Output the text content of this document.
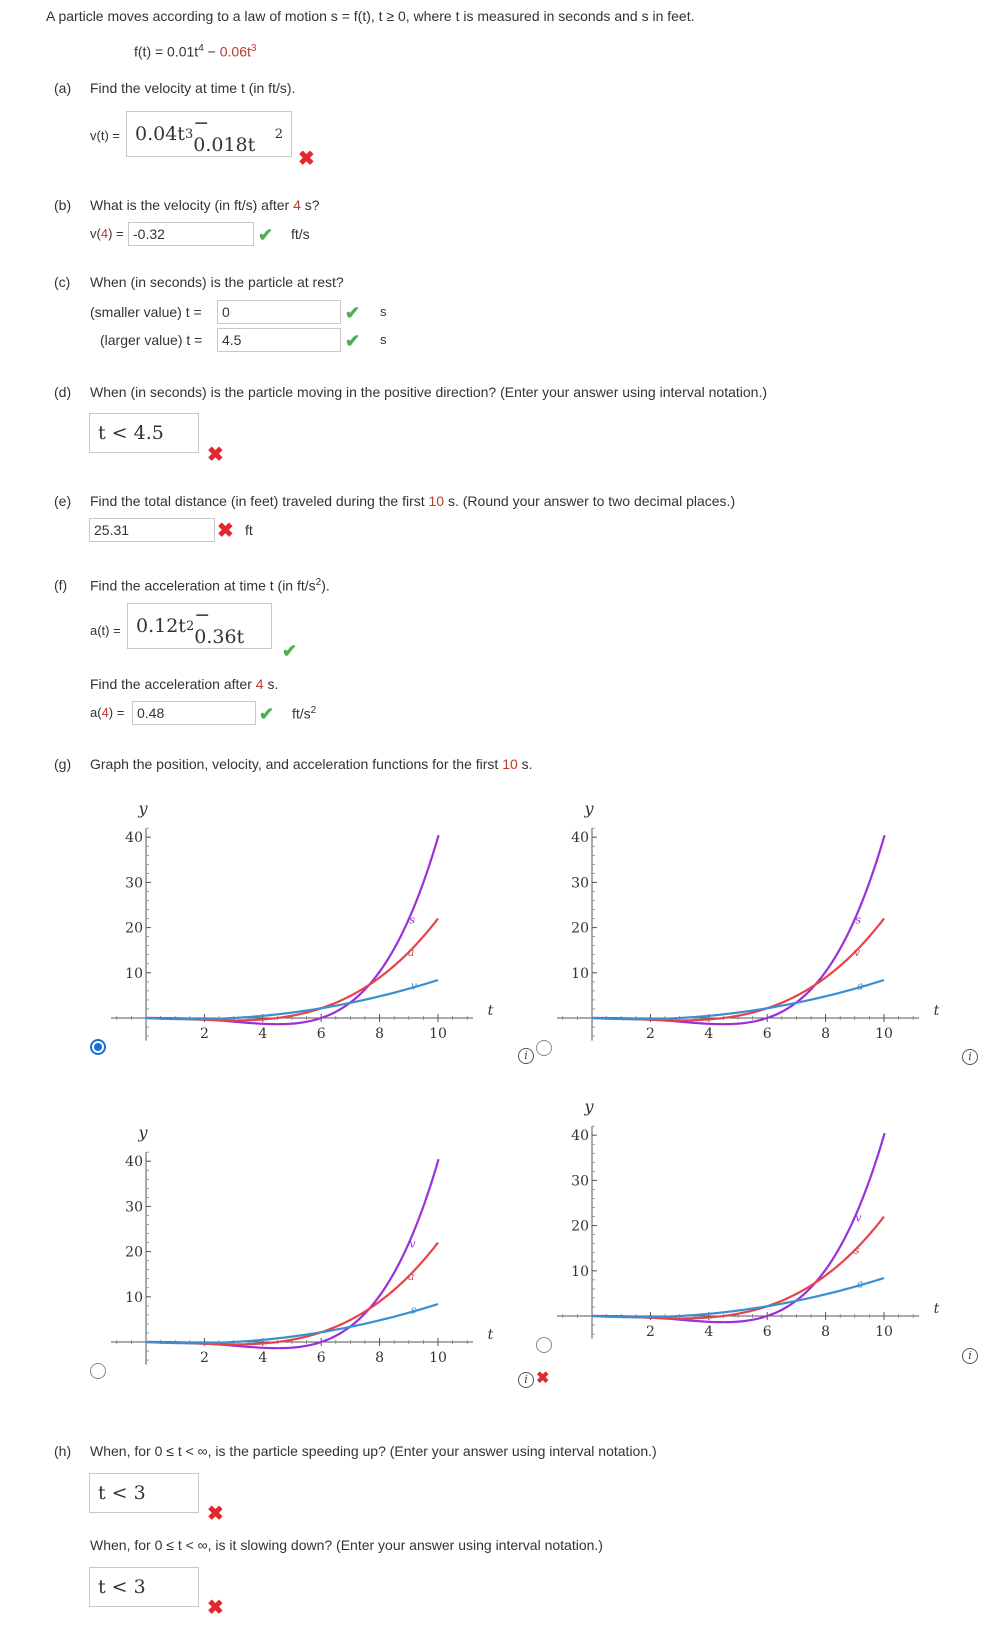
A particle moves according to a law of motion s = f(t), t ≥ 0, where t is measured in seconds and s in feet.
$f(t) = 0.01t^4 - 0.06t^3$
(a) Find the velocity at time t (in ft/s).
v(t) = 0.04t 3 − 0.018t	2
✖
(b) What is the velocity (in ft/s) after 4 s?
v(4) = -0.32	✔ ft/s
(c) When (in seconds) is the particle at rest?
(smaller value) t =	0	✔ s
(larger value) t =	4.5	✔ s
(d) When (in seconds) is the particle moving in the positive direction? (Enter your answer using interval notation.)
t < 4.5
✖
(e) Find the total distance (in feet) traveled during the first 10 s. (Round your answer to two decimal places.)
25.31	✖ ft
(f) Find the acceleration at time t (in $ft/s^2$).
a(t) = 0.12t 2 − 0.36t
✔
Find the acceleration after 4 s.
a(4) = 0.48	✔ $ft/s^2$
(g) Graph the position, velocity, and acceleration functions for the first 10 s.
2	4	6	8	10
10
20
30
40
t
y
s
a
v
2	4	6	8	10
10
20
30
40
t
y
s
v
a
2	4	6	8	10
10
20
30
40
t
y
v
a
s
2	4	6	8	10
10
20
30
40
t
y
v
s
a
i	i
i ✖
i
(h) When, for 0 ≤ t < ∞, is the particle speeding up? (Enter your answer using interval notation.)
t < 3
✖
When, for 0 ≤ t < ∞, is it slowing down? (Enter your answer using interval notation.)
t < 3
✖
